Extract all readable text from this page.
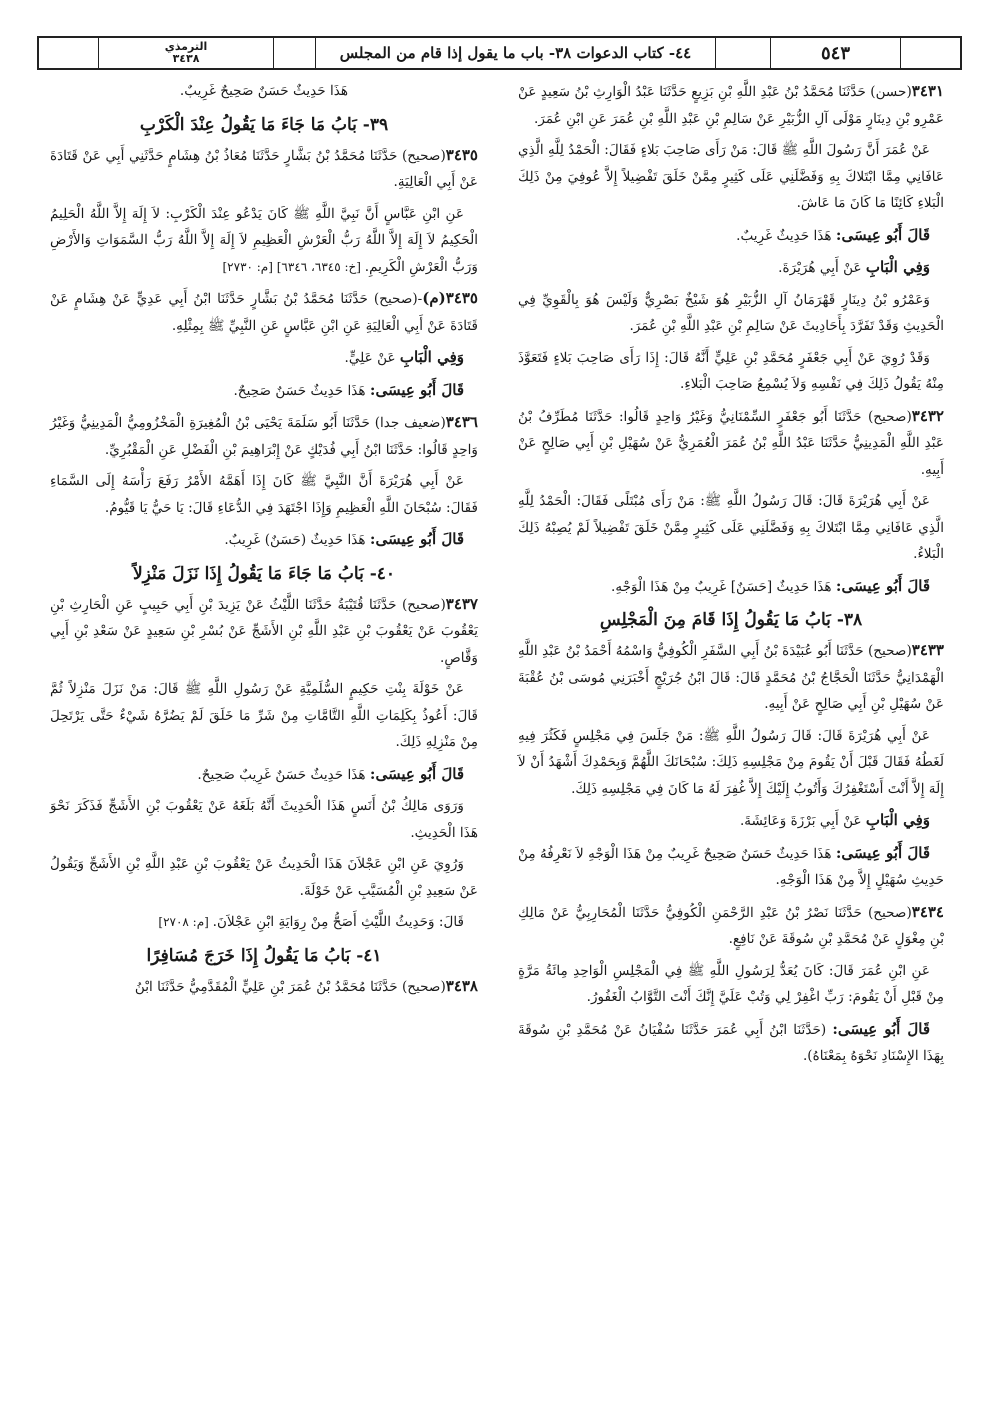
الترمذي
٣٤٣٨	٤٤- كتاب الدعوات ٣٨- باب ما يقول إذا قام من المجلس	٥٤٣

٣٤٣١(حسن) حَدَّثَنَا مُحَمَّدُ بْنُ عَبْدِ اللَّهِ بْنِ بَزِيعٍ حَدَّثَنَا عَبْدُ الْوَارِثِ بْنُ سَعِيدٍ عَنْ عَمْرِو بْنِ دِينَارٍ مَوْلَى آلِ الزُّبَيْرِ عَنْ سَالِمِ بْنِ عَبْدِ اللَّهِ بْنِ عُمَرَ عَنِ ابْنِ عُمَرَ.

عَنْ عُمَرَ أَنَّ رَسُولَ اللَّهِ ﷺ قَالَ: مَنْ رَأَى صَاحِبَ بَلاءٍ فَقَالَ: الْحَمْدُ لِلَّهِ الَّذِي عَافَانِي مِمَّا ابْتَلاكَ بِهِ وَفَضَّلَنِي عَلَى كَثِيرٍ مِمَّنْ خَلَقَ تَفْضِيلاً إِلاَّ عُوفِيَ مِنْ ذَلِكَ الْبَلاءِ كَائِنًا مَا كَانَ مَا عَاشَ.

قَالَ أَبُو عِيسَى: هَذَا حَدِيثٌ غَرِيبٌ.

وَفِي الْبَابِ عَنْ أَبِي هُرَيْرَةَ.

وَعَمْرُو بْنُ دِينَارٍ قَهْرَمَانُ آلِ الزُّبَيْرِ هُوَ شَيْخٌ بَصْرِيٌّ وَلَيْسَ هُوَ بِالْقَوِيِّ فِي الْحَدِيثِ وَقَدْ تَفَرَّدَ بِأَحَادِيثَ عَنْ سَالِمِ بْنِ عَبْدِ اللَّهِ بْنِ عُمَرَ.

وَقَدْ رُوِيَ عَنْ أَبِي جَعْفَرٍ مُحَمَّدِ بْنِ عَلِيٍّ أَنَّهُ قَالَ: إِذَا رَأَى صَاحِبَ بَلاءٍ فَتَعَوَّذَ مِنْهُ يَقُولُ ذَلِكَ فِي نَفْسِهِ وَلاَ يُسْمِعُ صَاحِبَ الْبَلاءِ.

٣٤٣٢(صحيح) حَدَّثَنَا أَبُو جَعْفَرٍ السِّمْنَانِيُّ وَغَيْرُ وَاحِدٍ قَالُوا: حَدَّثَنَا مُطَرِّفُ بْنُ عَبْدِ اللَّهِ الْمَدِينِيُّ حَدَّثَنَا عَبْدُ اللَّهِ بْنُ عُمَرَ الْعُمَرِيُّ عَنْ سُهَيْلِ بْنِ أَبِي صَالِحٍ عَنْ أَبِيهِ.

عَنْ أَبِي هُرَيْرَةَ قَالَ: قَالَ رَسُولُ اللَّهِ ﷺ: مَنْ رَأَى مُبْتَلًى فَقَالَ: الْحَمْدُ لِلَّهِ الَّذِي عَافَانِي مِمَّا ابْتَلاكَ بِهِ وَفَضَّلَنِي عَلَى كَثِيرٍ مِمَّنْ خَلَقَ تَفْضِيلاً لَمْ يُصِبْهُ ذَلِكَ الْبَلاءُ.

قَالَ أَبُو عِيسَى: هَذَا حَدِيثٌ [حَسَنٌ] غَرِيبٌ مِنْ هَذَا الْوَجْهِ.

٣٨- بَابُ مَا يَقُولُ إِذَا قَامَ مِنَ الْمَجْلِسِ

٣٤٣٣(صحيح) حَدَّثَنَا أَبُو عُبَيْدَةَ بْنُ أَبِي السَّفَرِ الْكُوفِيُّ وَاسْمُهُ أَحْمَدُ بْنُ عَبْدِ اللَّهِ الْهَمْدَانِيُّ حَدَّثَنَا الْحَجَّاجُ بْنُ مُحَمَّدٍ قَالَ: قَالَ ابْنُ جُرَيْجٍ أَخْبَرَنِي مُوسَى بْنُ عُقْبَةَ عَنْ سُهَيْلِ بْنِ أَبِي صَالِحٍ عَنْ أَبِيهِ.

عَنْ أَبِي هُرَيْرَةَ قَالَ: قَالَ رَسُولُ اللَّهِ ﷺ: مَنْ جَلَسَ فِي مَجْلِسٍ فَكَثُرَ فِيهِ لَغَطُهُ فَقَالَ قَبْلَ أَنْ يَقُومَ مِنْ مَجْلِسِهِ ذَلِكَ: سُبْحَانَكَ اللَّهُمَّ وَبِحَمْدِكَ أَشْهَدُ أَنْ لاَ إِلَهَ إِلاَّ أَنْتَ أَسْتَغْفِرُكَ وَأَتُوبُ إِلَيْكَ إِلاَّ غُفِرَ لَهُ مَا كَانَ فِي مَجْلِسِهِ ذَلِكَ.

وَفِي الْبَابِ عَنْ أَبِي بَرْزَةَ وَعَائِشَةَ.

قَالَ أَبُو عِيسَى: هَذَا حَدِيثٌ حَسَنٌ صَحِيحٌ غَرِيبٌ مِنْ هَذَا الْوَجْهِ لاَ نَعْرِفُهُ مِنْ حَدِيثِ سُهَيْلٍ إِلاَّ مِنْ هَذَا الْوَجْهِ.

٣٤٣٤(صحيح) حَدَّثَنَا نَصْرُ بْنُ عَبْدِ الرَّحْمَنِ الْكُوفِيُّ حَدَّثَنَا الْمُحَارِبِيُّ عَنْ مَالِكِ بْنِ مِغْوَلٍ عَنْ مُحَمَّدِ بْنِ سُوقَةَ عَنْ نَافِعٍ.

عَنِ ابْنِ عُمَرَ قَالَ: كَانَ يُعَدُّ لِرَسُولِ اللَّهِ ﷺ فِي الْمَجْلِسِ الْوَاحِدِ مِائَةُ مَرَّةٍ مِنْ قَبْلِ أَنْ يَقُومَ: رَبِّ اغْفِرْ لِي وَتُبْ عَلَيَّ إِنَّكَ أَنْتَ التَّوَّابُ الْغَفُورُ.

قَالَ أَبُو عِيسَى: (حَدَّثَنَا ابْنُ أَبِي عُمَرَ حَدَّثَنَا سُفْيَانُ عَنْ مُحَمَّدِ بْنِ سُوقَةَ بِهَذَا الإِسْنَادِ نَحْوَهُ بِمَعْنَاهُ).

هَذَا حَدِيثٌ حَسَنٌ صَحِيحٌ غَرِيبٌ.

٣٩- بَابُ مَا جَاءَ مَا يَقُولُ عِنْدَ الْكَرْبِ

٣٤٣٥(صحيح) حَدَّثَنَا مُحَمَّدُ بْنُ بَشَّارٍ حَدَّثَنَا مُعَاذُ بْنُ هِشَامٍ حَدَّثَنِي أَبِي عَنْ قَتَادَةَ عَنْ أَبِي الْعَالِيَةِ.

عَنِ ابْنِ عَبَّاسٍ أَنَّ نَبِيَّ اللَّهِ ﷺ كَانَ يَدْعُو عِنْدَ الْكَرْبِ: لاَ إِلَهَ إِلاَّ اللَّهُ الْحَلِيمُ الْحَكِيمُ لاَ إِلَهَ إِلاَّ اللَّهُ رَبُّ الْعَرْشِ الْعَظِيمِ لاَ إِلَهَ إِلاَّ اللَّهُ رَبُّ السَّمَوَاتِ وَالأَرْضِ وَرَبُّ الْعَرْشِ الْكَرِيمِ. [خ: ٦٣٤٥، ٦٣٤٦] [م: ٢٧٣٠]

٣٤٣٥(م)-(صحيح) حَدَّثَنَا مُحَمَّدُ بْنُ بَشَّارٍ حَدَّثَنَا ابْنُ أَبِي عَدِيٍّ عَنْ هِشَامٍ عَنْ قَتَادَةَ عَنْ أَبِي الْعَالِيَةِ عَنِ ابْنِ عَبَّاسٍ عَنِ النَّبِيِّ ﷺ بِمِثْلِهِ.

وَفِي الْبَابِ عَنْ عَلِيٍّ.

قَالَ أَبُو عِيسَى: هَذَا حَدِيثٌ حَسَنٌ صَحِيحٌ.

٣٤٣٦(ضعيف جدا) حَدَّثَنَا أَبُو سَلَمَةَ يَحْيَى بْنُ الْمُغِيرَةِ الْمَخْزُومِيُّ الْمَدِينِيُّ وَغَيْرُ وَاحِدٍ قَالُوا: حَدَّثَنَا ابْنُ أَبِي فُدَيْكٍ عَنْ إِبْرَاهِيمَ بْنِ الْفَضْلِ عَنِ الْمَقْبُرِيِّ.

عَنْ أَبِي هُرَيْرَةَ أَنَّ النَّبِيَّ ﷺ كَانَ إِذَا أَهَمَّهُ الأَمْرُ رَفَعَ رَأْسَهُ إِلَى السَّمَاءِ فَقَالَ: سُبْحَانَ اللَّهِ الْعَظِيمِ وَإِذَا اجْتَهَدَ فِي الدُّعَاءِ قَالَ: يَا حَيُّ يَا قَيُّومُ.

قَالَ أَبُو عِيسَى: هَذَا حَدِيثٌ (حَسَنٌ) غَرِيبٌ.

٤٠- بَابُ مَا جَاءَ مَا يَقُولُ إِذَا نَزَلَ مَنْزِلاً

٣٤٣٧(صحيح) حَدَّثَنَا قُتَيْبَةُ حَدَّثَنَا اللَّيْثُ عَنْ يَزِيدَ بْنِ أَبِي حَبِيبٍ عَنِ الْحَارِثِ بْنِ يَعْقُوبَ عَنْ يَعْقُوبَ بْنِ عَبْدِ اللَّهِ بْنِ الأَشَجِّ عَنْ بُسْرِ بْنِ سَعِيدٍ عَنْ سَعْدِ بْنِ أَبِي وَقَّاصٍ.

عَنْ خَوْلَةَ بِنْتِ حَكِيمٍ السُّلَمِيَّةِ عَنْ رَسُولِ اللَّهِ ﷺ قَالَ: مَنْ نَزَلَ مَنْزِلاً ثُمَّ قَالَ: أَعُوذُ بِكَلِمَاتِ اللَّهِ التَّامَّاتِ مِنْ شَرِّ مَا خَلَقَ لَمْ يَضُرَّهُ شَيْءٌ حَتَّى يَرْتَحِلَ مِنْ مَنْزِلِهِ ذَلِكَ.

قَالَ أَبُو عِيسَى: هَذَا حَدِيثٌ حَسَنٌ غَرِيبٌ صَحِيحٌ.

وَرَوَى مَالِكُ بْنُ أَنَسٍ هَذَا الْحَدِيثَ أَنَّهُ بَلَغَهُ عَنْ يَعْقُوبَ بْنِ الأَشَجِّ فَذَكَرَ نَحْوَ هَذَا الْحَدِيثِ.

وَرُوِيَ عَنِ ابْنِ عَجْلاَنَ هَذَا الْحَدِيثُ عَنْ يَعْقُوبَ بْنِ عَبْدِ اللَّهِ بْنِ الأَشَجِّ وَيَقُولُ عَنْ سَعِيدِ بْنِ الْمُسَيَّبِ عَنْ خَوْلَةَ.

قَالَ: وَحَدِيثُ اللَّيْثِ أَصَحُّ مِنْ رِوَايَةِ ابْنِ عَجْلاَنَ. [م: ٢٧٠٨]

٤١- بَابُ مَا يَقُولُ إِذَا خَرَجَ مُسَافِرًا

٣٤٣٨(صحيح) حَدَّثَنَا مُحَمَّدُ بْنُ عُمَرَ بْنِ عَلِيٍّ الْمُقَدَّمِيُّ حَدَّثَنَا ابْنُ
